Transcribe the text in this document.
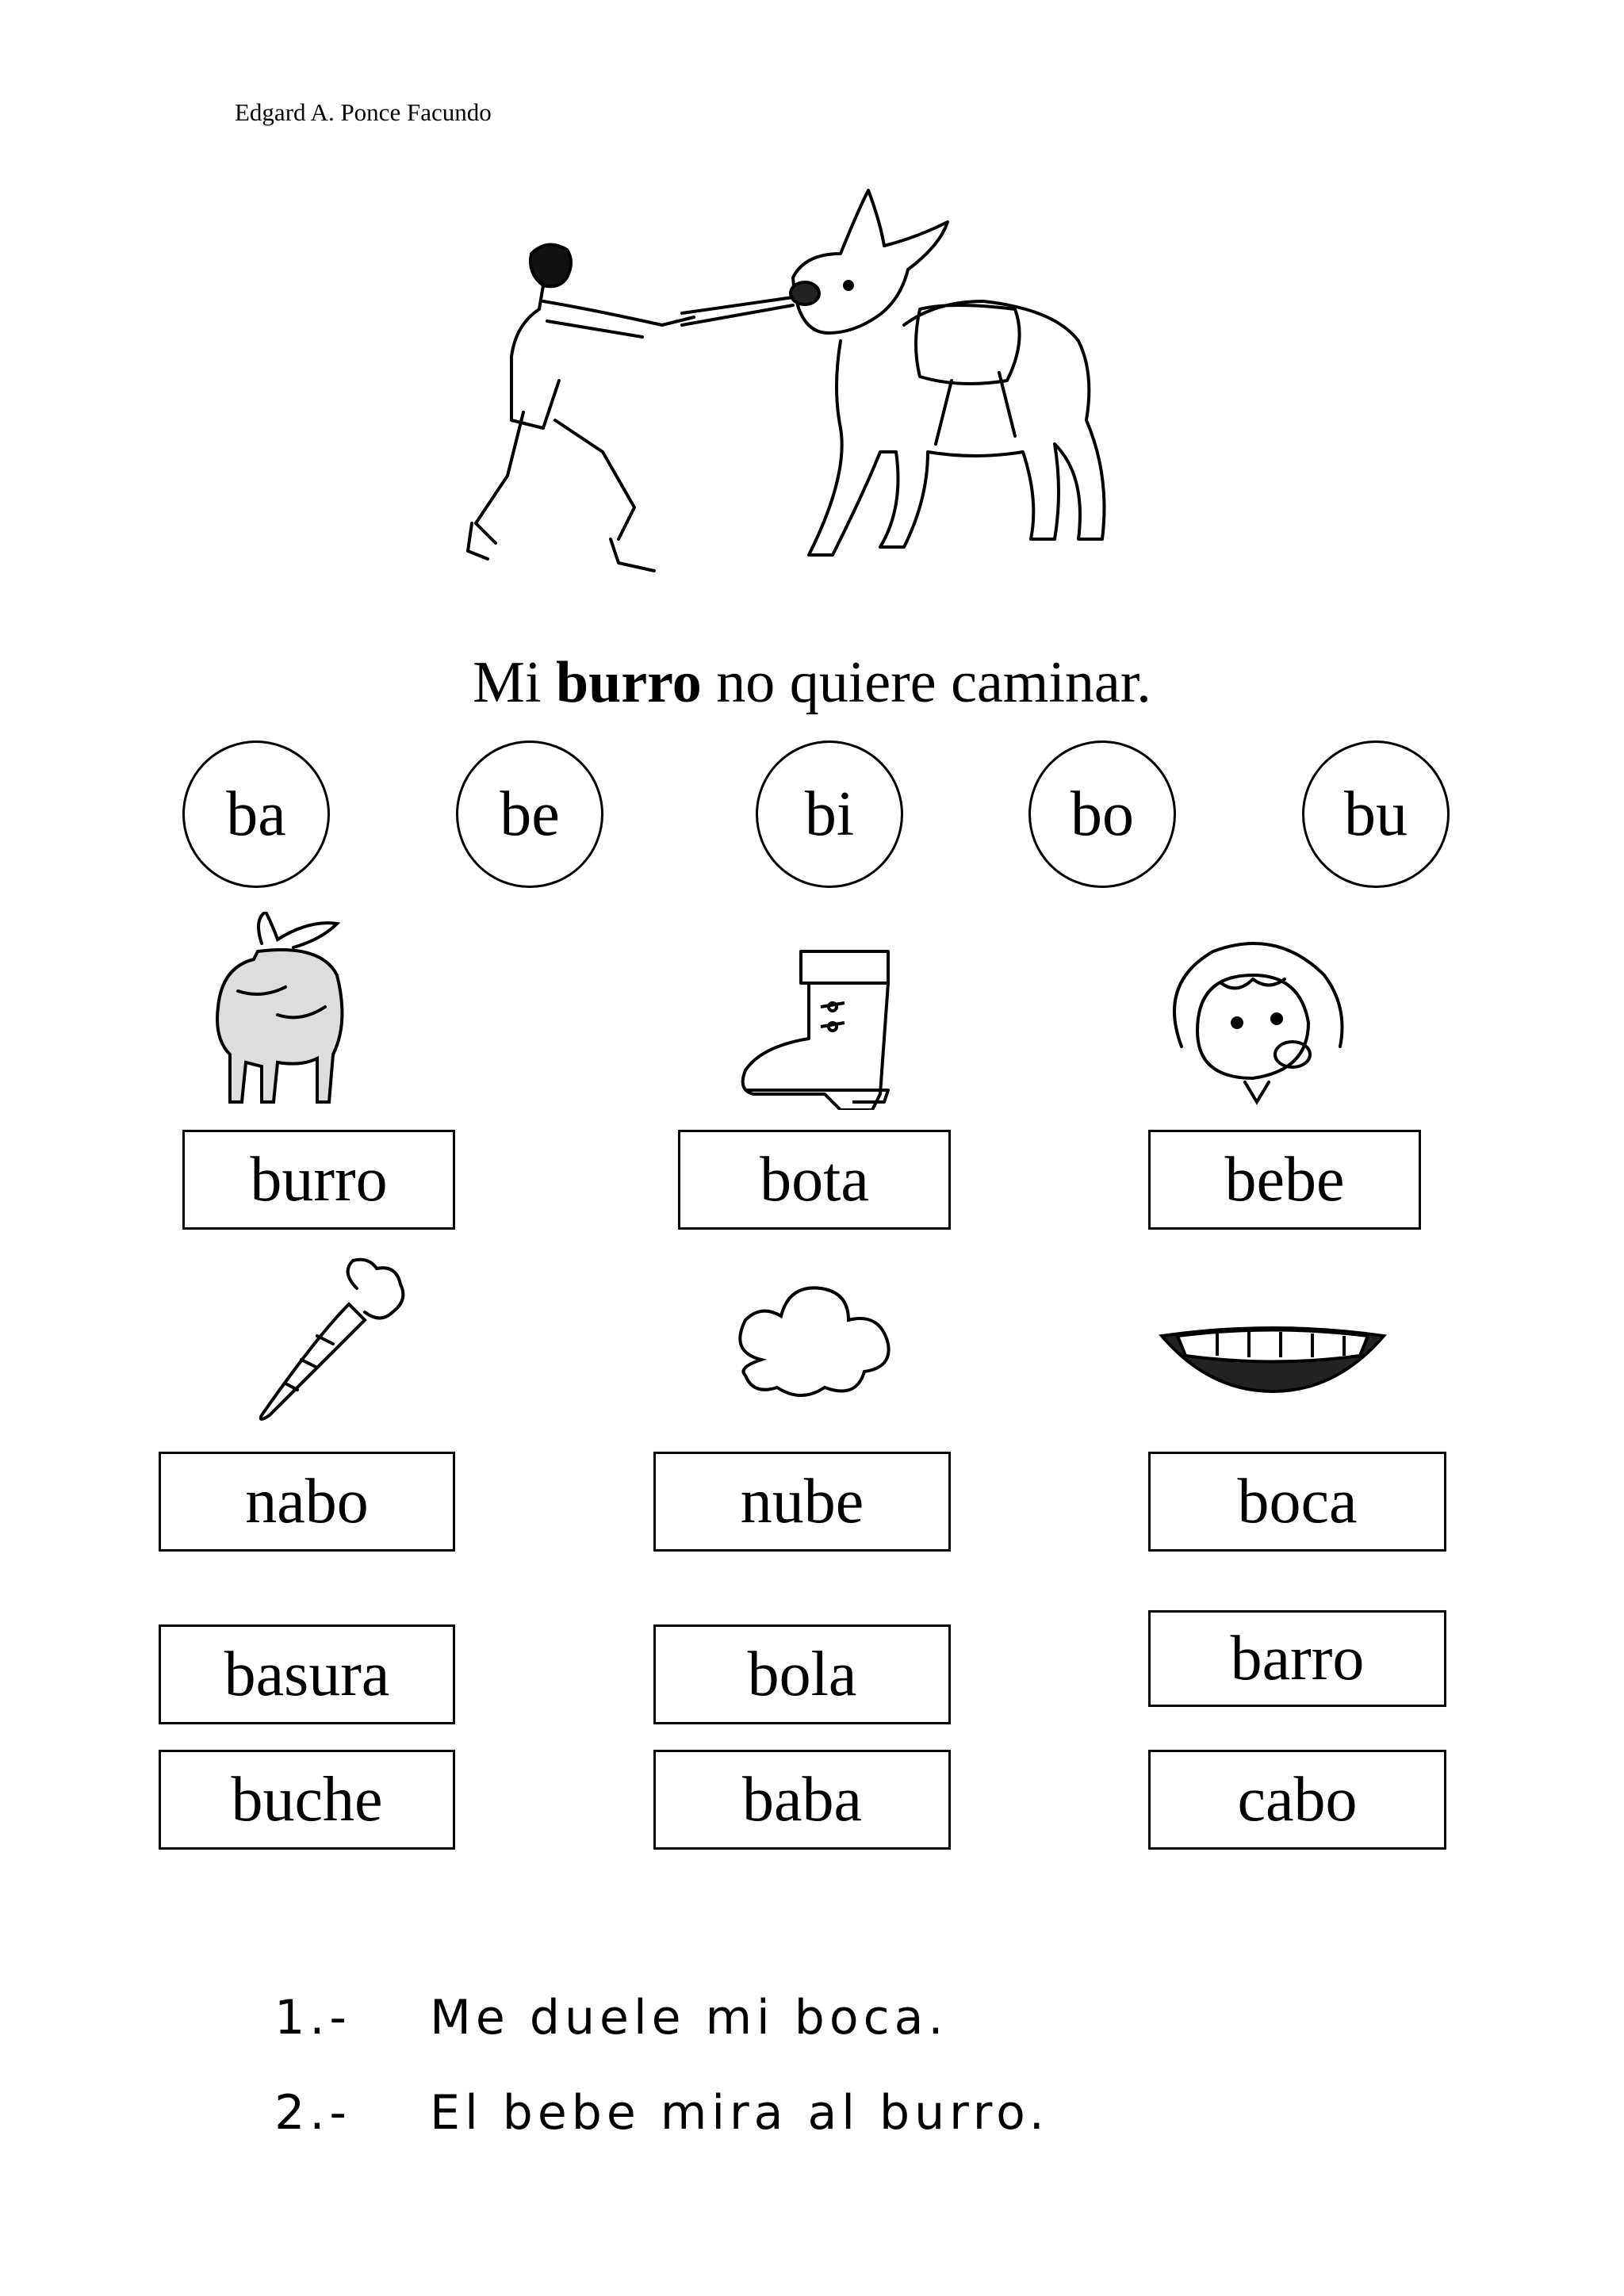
Edgard A. Ponce Facundo
Mi burro no quiere caminar.
ba	be	bi	bo	bu
burro	bota	bebe
nabo	nube	boca
basura	bola	barro
buche	baba	cabo

1.- Me duele mi boca.

2.- El bebe mira al burro.
